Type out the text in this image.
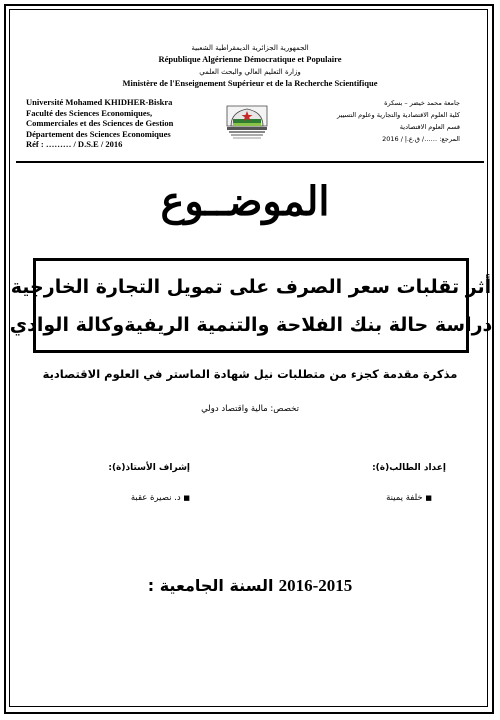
الجمهورية الجزائرية الديمقراطية الشعبية
République Algérienne Démocratique et Populaire
وزارة التعليم العالي والبحث العلمي
Ministère de l'Enseignement Supérieur et de la Recherche Scientifique
Université Mohamed KHIDHER-Biskra
Faculté des Sciences Economiques,
Commerciales et des Sciences de Gestion
Département des Sciences Economiques
Réf : ……… / D.S.E / 2016
جامعة محمد خيضر – بسكرة
كلية العلوم الاقتصادية والتجارية وعلوم التسيير
قسم العلوم الاقتصادية
المرجع: ……/ ق.ع.إ / 2016
الموضــوع
أثر تقلبات سعر الصرف على تمويل التجارة الخارجية
دراسة حالة بنك الفلاحة والتنمية الريفيةوكالة الوادي
مذكرة مقدمة كجزء من متطلبات نيل شهادة الماستر في العلوم الاقتصادية
تخصص: مالية واقتصاد دولي
إعداد الطالب(ة):
إشراف الأستاذ(ة):
■ خلفة يمينة
■ د. نصيرة عقبة
السنة الجامعية : 2016-2015
